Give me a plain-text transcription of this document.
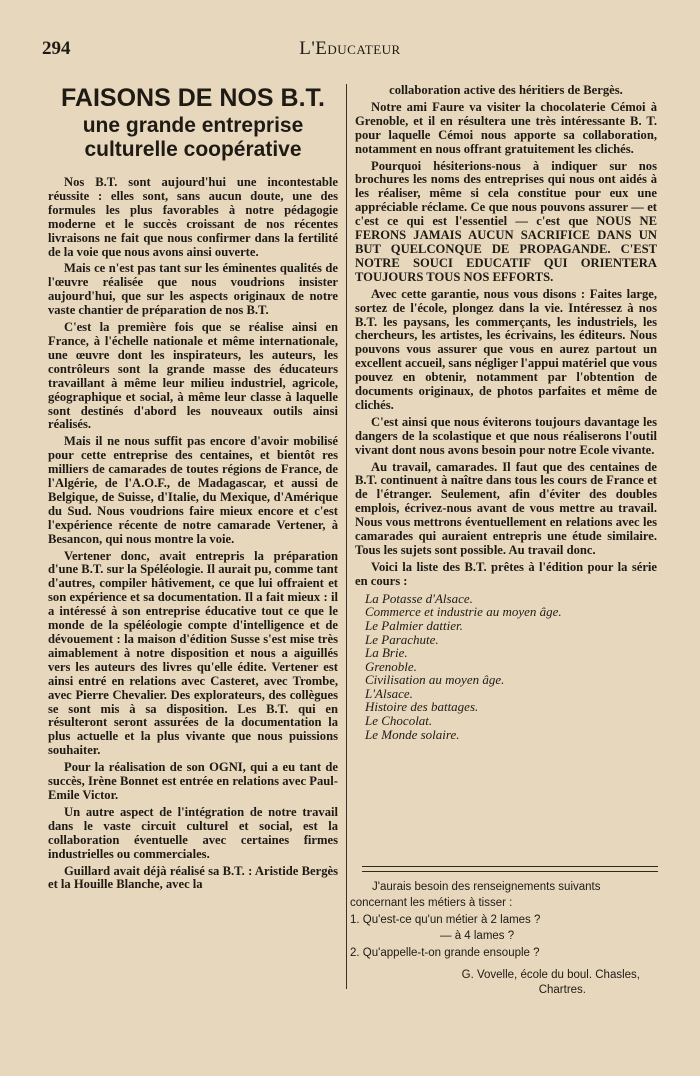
294	L'Educateur
FAISONS DE NOS B.T.
une grande entreprise
culturelle coopérative

Nos B.T. sont aujourd'hui une incontestable réussite : elles sont, sans aucun doute, une des formules les plus favorables à notre pédagogie moderne et le succès croissant de nos récentes livraisons ne fait que nous confirmer dans la fertilité de la voie que nous avons ainsi ouverte.

Mais ce n'est pas tant sur les éminentes qualités de l'œuvre réalisée que nous voudrions insister aujourd'hui, que sur les aspects originaux de notre vaste chantier de préparation de nos B.T.

C'est la première fois que se réalise ainsi en France, à l'échelle nationale et même internationale, une œuvre dont les inspirateurs, les auteurs, les contrôleurs sont la grande masse des éducateurs travaillant à même leur milieu industriel, agricole, géographique et social, à même leur classe à laquelle sont destinés d'abord les nouveaux outils ainsi réalisés.

Mais il ne nous suffit pas encore d'avoir mobilisé pour cette entreprise des centaines, et bientôt res milliers de camarades de toutes régions de France, de l'Algérie, de l'A.O.F., de Madagascar, et aussi de Belgique, de Suisse, d'Italie, du Mexique, d'Amérique du Sud. Nous voudrions faire mieux encore et c'est l'expérience récente de notre camarade Vertener, à Besancon, qui nous montre la voie.

Vertener donc, avait entrepris la préparation d'une B.T. sur la Spéléologie. Il aurait pu, comme tant d'autres, compiler hâtivement, ce que lui offraient et son expérience et sa documentation. Il a fait mieux : il a intéressé à son entreprise éducative tout ce que le monde de la spéléologie compte d'intelligence et de dévouement : la maison d'édition Susse s'est mise très aimablement à notre disposition et nous a aiguillés vers les auteurs des livres qu'elle édite. Vertener est ainsi entré en relations avec Casteret, avec Trombe, avec Pierre Chevalier. Des explorateurs, des collègues se sont mis à sa disposition. Les B.T. qui en résulteront seront assurées de la documentation la plus actuelle et la plus vivante que nous puissions souhaiter.

Pour la réalisation de son OGNI, qui a eu tant de succès, Irène Bonnet est entrée en relations avec Paul-Emile Victor.

Un autre aspect de l'intégration de notre travail dans le vaste circuit culturel et social, est la collaboration éventuelle avec certaines firmes industrielles ou commerciales.

Guillard avait déjà réalisé sa B.T. : Aristide Bergès et la Houille Blanche, avec la

collaboration active des héritiers de Bergès.

Notre ami Faure va visiter la chocolaterie Cémoi à Grenoble, et il en résultera une très intéressante B. T. pour laquelle Cémoi nous apporte sa collaboration, notamment en nous offrant gratuitement les clichés.

Pourquoi hésiterions-nous à indiquer sur nos brochures les noms des entreprises qui nous ont aidés à les réaliser, même si cela constitue pour eux une appréciable réclame. Ce que nous pouvons assurer — et c'est ce qui est l'essentiel — c'est que NOUS NE FERONS JAMAIS AUCUN SACRIFICE DANS UN BUT QUELCONQUE DE PROPAGANDE. C'EST NOTRE SOUCI EDUCATIF QUI ORIENTERA TOUJOURS TOUS NOS EFFORTS.

Avec cette garantie, nous vous disons : Faites large, sortez de l'école, plongez dans la vie. Intéressez à nos B.T. les paysans, les commerçants, les industriels, les chercheurs, les artistes, les écrivains, les éditeurs. Nous pouvons vous assurer que vous en aurez partout un excellent accueil, sans négliger l'appui matériel que vous pouvez en obtenir, notamment par l'obtention de documents originaux, de photos parfaites et même de clichés.

C'est ainsi que nous éviterons toujours davantage les dangers de la scolastique et que nous réaliserons l'outil vivant dont nous avons besoin pour notre Ecole vivante.

Au travail, camarades. Il faut que des centaines de B.T. continuent à naître dans tous les cours de France et de l'étranger. Seulement, afin d'éviter des doubles emplois, écrivez-nous avant de vous mettre au travail. Nous vous mettrons éventuellement en relations avec les camarades qui auraient entrepris une étude similaire. Tous les sujets sont possible. Au travail donc.

Voici la liste des B.T. prêtes à l'édition pour la série en cours :

La Potasse d'Alsace.
Commerce et industrie au moyen âge.
Le Palmier dattier.
Le Parachute.
La Brie.
Grenoble.
Civilisation au moyen âge.
L'Alsace.
Histoire des battages.
Le Chocolat.
Le Monde solaire.

J'aurais besoin des renseignements suivants concernant les métiers à tisser :

1. Qu'est-ce qu'un métier à 2 lames ?

— à 4 lames ?

2. Qu'appelle-t-on grande ensouple ?

G. Vovelle, école du boul. Chasles,

Chartres.
